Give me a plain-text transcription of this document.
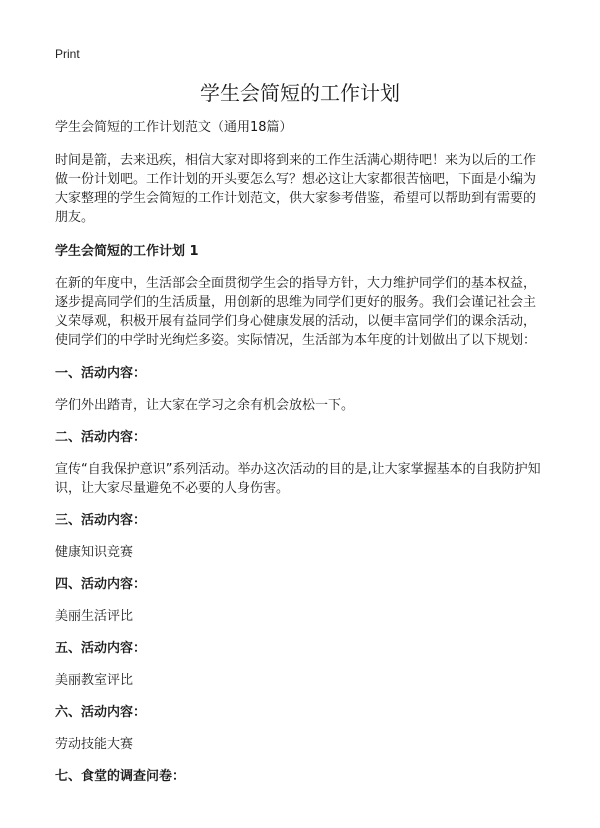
Print
学生会简短的工作计划

学生会简短的工作计划范文（通用18篇）

时间是箭，去来迅疾，相信大家对即将到来的工作生活满心期待吧！来为以后的工作做一份计划吧。工作计划的开头要怎么写？想必这让大家都很苦恼吧，下面是小编为大家整理的学生会简短的工作计划范文，供大家参考借鉴，希望可以帮助到有需要的朋友。

学生会简短的工作计划 1

在新的年度中，生活部会全面贯彻学生会的指导方针，大力维护同学们的基本权益，逐步提高同学们的生活质量，用创新的思维为同学们更好的服务。我们会谨记社会主义荣辱观，积极开展有益同学们身心健康发展的活动，以便丰富同学们的课余活动，使同学们的中学时光绚烂多姿。实际情况，生活部为本年度的计划做出了以下规划：

一、活动内容：

学们外出踏青，让大家在学习之余有机会放松一下。

二、活动内容：

宣传“自我保护意识”系列活动。举办这次活动的目的是,让大家掌握基本的自我防护知识，让大家尽量避免不必要的人身伤害。

三、活动内容：

健康知识竞赛

四、活动内容：

美丽生活评比

五、活动内容：

美丽教室评比

六、活动内容：

劳动技能大赛

七、食堂的调查问卷：
